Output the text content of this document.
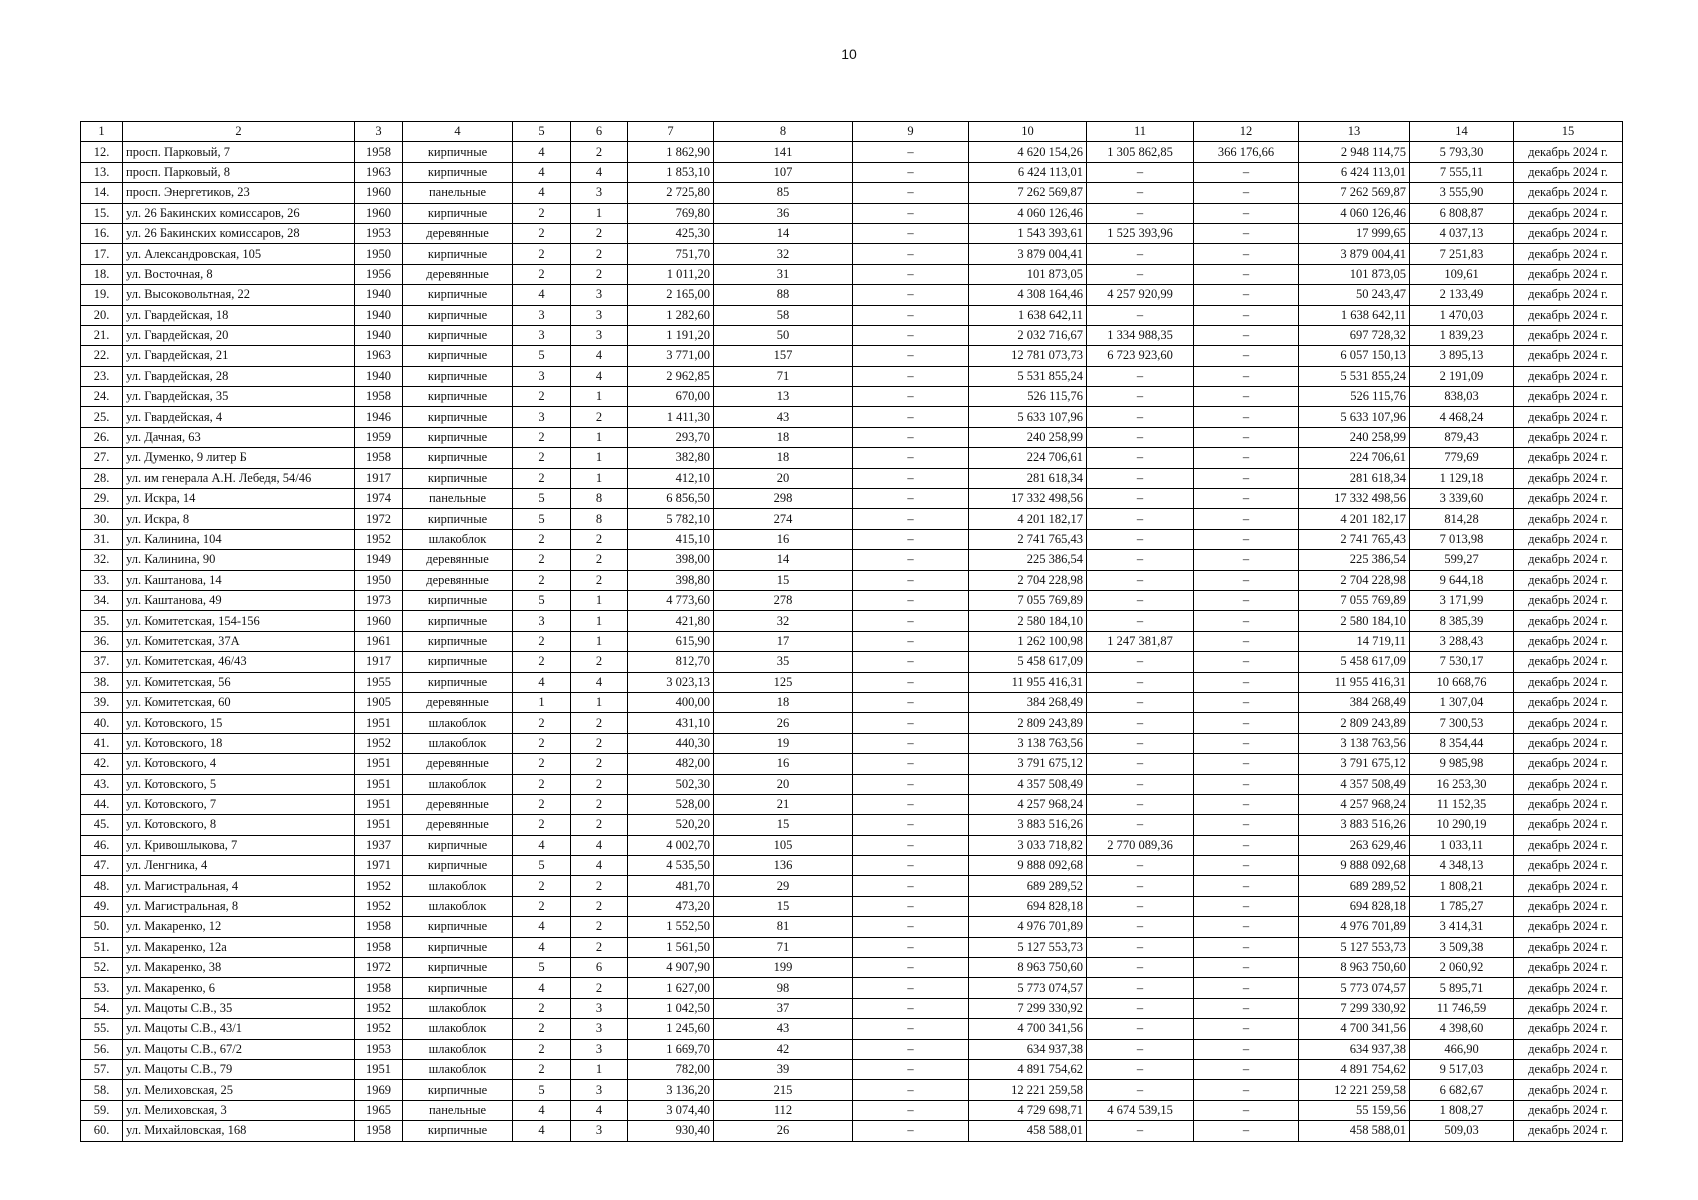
10
1	2	3	4	5	6	7	8	9	10	11	12	13	14	15
12.	просп. Парковый, 7	1958	кирпичные	4	2	1 862,90	141	–	4 620 154,26	1 305 862,85	366 176,66	2 948 114,75	5 793,30	декабрь 2024 г.
13.	просп. Парковый, 8	1963	кирпичные	4	4	1 853,10	107	–	6 424 113,01	–	–	6 424 113,01	7 555,11	декабрь 2024 г.
14.	просп. Энергетиков, 23	1960	панельные	4	3	2 725,80	85	–	7 262 569,87	–	–	7 262 569,87	3 555,90	декабрь 2024 г.
15.	ул. 26 Бакинских комиссаров, 26	1960	кирпичные	2	1	769,80	36	–	4 060 126,46	–	–	4 060 126,46	6 808,87	декабрь 2024 г.
16.	ул. 26 Бакинских комиссаров, 28	1953	деревянные	2	2	425,30	14	–	1 543 393,61	1 525 393,96	–	17 999,65	4 037,13	декабрь 2024 г.
17.	ул. Александровская, 105	1950	кирпичные	2	2	751,70	32	–	3 879 004,41	–	–	3 879 004,41	7 251,83	декабрь 2024 г.
18.	ул. Восточная, 8	1956	деревянные	2	2	1 011,20	31	–	101 873,05	–	–	101 873,05	109,61	декабрь 2024 г.
19.	ул. Высоковольтная, 22	1940	кирпичные	4	3	2 165,00	88	–	4 308 164,46	4 257 920,99	–	50 243,47	2 133,49	декабрь 2024 г.
20.	ул. Гвардейская, 18	1940	кирпичные	3	3	1 282,60	58	–	1 638 642,11	–	–	1 638 642,11	1 470,03	декабрь 2024 г.
21.	ул. Гвардейская, 20	1940	кирпичные	3	3	1 191,20	50	–	2 032 716,67	1 334 988,35	–	697 728,32	1 839,23	декабрь 2024 г.
22.	ул. Гвардейская, 21	1963	кирпичные	5	4	3 771,00	157	–	12 781 073,73	6 723 923,60	–	6 057 150,13	3 895,13	декабрь 2024 г.
23.	ул. Гвардейская, 28	1940	кирпичные	3	4	2 962,85	71	–	5 531 855,24	–	–	5 531 855,24	2 191,09	декабрь 2024 г.
24.	ул. Гвардейская, 35	1958	кирпичные	2	1	670,00	13	–	526 115,76	–	–	526 115,76	838,03	декабрь 2024 г.
25.	ул. Гвардейская, 4	1946	кирпичные	3	2	1 411,30	43	–	5 633 107,96	–	–	5 633 107,96	4 468,24	декабрь 2024 г.
26.	ул. Дачная, 63	1959	кирпичные	2	1	293,70	18	–	240 258,99	–	–	240 258,99	879,43	декабрь 2024 г.
27.	ул. Думенко, 9 литер Б	1958	кирпичные	2	1	382,80	18	–	224 706,61	–	–	224 706,61	779,69	декабрь 2024 г.
28.	ул. им генерала А.Н. Лебедя, 54/46	1917	кирпичные	2	1	412,10	20	–	281 618,34	–	–	281 618,34	1 129,18	декабрь 2024 г.
29.	ул. Искра, 14	1974	панельные	5	8	6 856,50	298	–	17 332 498,56	–	–	17 332 498,56	3 339,60	декабрь 2024 г.
30.	ул. Искра, 8	1972	кирпичные	5	8	5 782,10	274	–	4 201 182,17	–	–	4 201 182,17	814,28	декабрь 2024 г.
31.	ул. Калинина, 104	1952	шлакоблок	2	2	415,10	16	–	2 741 765,43	–	–	2 741 765,43	7 013,98	декабрь 2024 г.
32.	ул. Калинина, 90	1949	деревянные	2	2	398,00	14	–	225 386,54	–	–	225 386,54	599,27	декабрь 2024 г.
33.	ул. Каштанова, 14	1950	деревянные	2	2	398,80	15	–	2 704 228,98	–	–	2 704 228,98	9 644,18	декабрь 2024 г.
34.	ул. Каштанова, 49	1973	кирпичные	5	1	4 773,60	278	–	7 055 769,89	–	–	7 055 769,89	3 171,99	декабрь 2024 г.
35.	ул. Комитетская, 154-156	1960	кирпичные	3	1	421,80	32	–	2 580 184,10	–	–	2 580 184,10	8 385,39	декабрь 2024 г.
36.	ул. Комитетская, 37А	1961	кирпичные	2	1	615,90	17	–	1 262 100,98	1 247 381,87	–	14 719,11	3 288,43	декабрь 2024 г.
37.	ул. Комитетская, 46/43	1917	кирпичные	2	2	812,70	35	–	5 458 617,09	–	–	5 458 617,09	7 530,17	декабрь 2024 г.
38.	ул. Комитетская, 56	1955	кирпичные	4	4	3 023,13	125	–	11 955 416,31	–	–	11 955 416,31	10 668,76	декабрь 2024 г.
39.	ул. Комитетская, 60	1905	деревянные	1	1	400,00	18	–	384 268,49	–	–	384 268,49	1 307,04	декабрь 2024 г.
40.	ул. Котовского, 15	1951	шлакоблок	2	2	431,10	26	–	2 809 243,89	–	–	2 809 243,89	7 300,53	декабрь 2024 г.
41.	ул. Котовского, 18	1952	шлакоблок	2	2	440,30	19	–	3 138 763,56	–	–	3 138 763,56	8 354,44	декабрь 2024 г.
42.	ул. Котовского, 4	1951	деревянные	2	2	482,00	16	–	3 791 675,12	–	–	3 791 675,12	9 985,98	декабрь 2024 г.
43.	ул. Котовского, 5	1951	шлакоблок	2	2	502,30	20	–	4 357 508,49	–	–	4 357 508,49	16 253,30	декабрь 2024 г.
44.	ул. Котовского, 7	1951	деревянные	2	2	528,00	21	–	4 257 968,24	–	–	4 257 968,24	11 152,35	декабрь 2024 г.
45.	ул. Котовского, 8	1951	деревянные	2	2	520,20	15	–	3 883 516,26	–	–	3 883 516,26	10 290,19	декабрь 2024 г.
46.	ул. Кривошлыкова, 7	1937	кирпичные	4	4	4 002,70	105	–	3 033 718,82	2 770 089,36	–	263 629,46	1 033,11	декабрь 2024 г.
47.	ул. Ленгника, 4	1971	кирпичные	5	4	4 535,50	136	–	9 888 092,68	–	–	9 888 092,68	4 348,13	декабрь 2024 г.
48.	ул. Магистральная, 4	1952	шлакоблок	2	2	481,70	29	–	689 289,52	–	–	689 289,52	1 808,21	декабрь 2024 г.
49.	ул. Магистральная, 8	1952	шлакоблок	2	2	473,20	15	–	694 828,18	–	–	694 828,18	1 785,27	декабрь 2024 г.
50.	ул. Макаренко, 12	1958	кирпичные	4	2	1 552,50	81	–	4 976 701,89	–	–	4 976 701,89	3 414,31	декабрь 2024 г.
51.	ул. Макаренко, 12а	1958	кирпичные	4	2	1 561,50	71	–	5 127 553,73	–	–	5 127 553,73	3 509,38	декабрь 2024 г.
52.	ул. Макаренко, 38	1972	кирпичные	5	6	4 907,90	199	–	8 963 750,60	–	–	8 963 750,60	2 060,92	декабрь 2024 г.
53.	ул. Макаренко, 6	1958	кирпичные	4	2	1 627,00	98	–	5 773 074,57	–	–	5 773 074,57	5 895,71	декабрь 2024 г.
54.	ул. Мацоты С.В., 35	1952	шлакоблок	2	3	1 042,50	37	–	7 299 330,92	–	–	7 299 330,92	11 746,59	декабрь 2024 г.
55.	ул. Мацоты С.В., 43/1	1952	шлакоблок	2	3	1 245,60	43	–	4 700 341,56	–	–	4 700 341,56	4 398,60	декабрь 2024 г.
56.	ул. Мацоты С.В., 67/2	1953	шлакоблок	2	3	1 669,70	42	–	634 937,38	–	–	634 937,38	466,90	декабрь 2024 г.
57.	ул. Мацоты С.В., 79	1951	шлакоблок	2	1	782,00	39	–	4 891 754,62	–	–	4 891 754,62	9 517,03	декабрь 2024 г.
58.	ул. Мелиховская, 25	1969	кирпичные	5	3	3 136,20	215	–	12 221 259,58	–	–	12 221 259,58	6 682,67	декабрь 2024 г.
59.	ул. Мелиховская, 3	1965	панельные	4	4	3 074,40	112	–	4 729 698,71	4 674 539,15	–	55 159,56	1 808,27	декабрь 2024 г.
60.	ул. Михайловская, 168	1958	кирпичные	4	3	930,40	26	–	458 588,01	–	–	458 588,01	509,03	декабрь 2024 г.
